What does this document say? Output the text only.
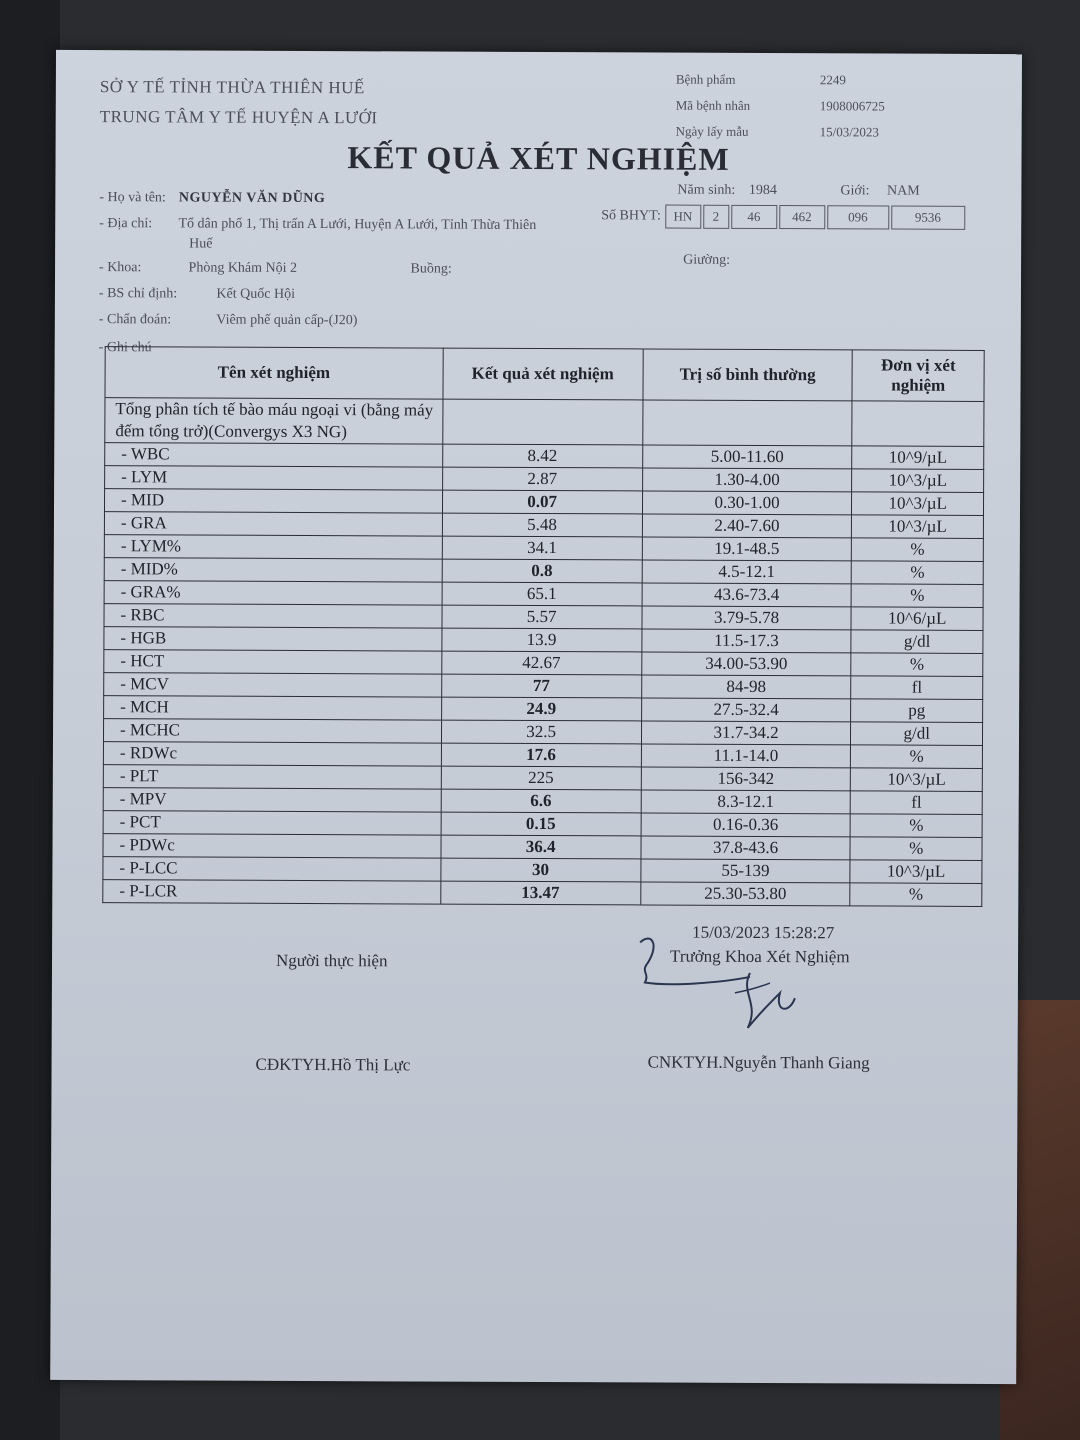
SỞ Y TẾ TỈNH THỪA THIÊN HUẾ
TRUNG TÂM Y TẾ HUYỆN A LƯỚI
Bệnh phẩm	2249
Mã bệnh nhân	1908006725
Ngày lấy mẫu	15/03/2023
KẾT QUẢ XÉT NGHIỆM
- Họ và tên: NGUYỄN VĂN DŨNG
Năm sinh: 1984	Giới: NAM
- Địa chỉ: Tổ dân phố 1, Thị trấn A Lưới, Huyện A Lưới, Tỉnh Thừa Thiên
Huế
Số BHYT: HN	2	46	462	096	9536
- Khoa:	Phòng Khám Nội 2	Buồng:
Giường:
- BS chỉ định:	Kết Quốc Hội
- Chẩn đoán:	Viêm phế quản cấp-(J20)
- Ghi chú
Tên xét nghiệm	Kết quả xét nghiệm	Trị số bình thường	Đơn vị xét nghiệm
Tổng phân tích tế bào máu ngoại vi (bằng máy đếm tổng trở)(Convergys X3 NG)			
- WBC	8.42	5.00-11.60	10^9/µL
- LYM	2.87	1.30-4.00	10^3/µL
- MID	0.07	0.30-1.00	10^3/µL
- GRA	5.48	2.40-7.60	10^3/µL
- LYM%	34.1	19.1-48.5	%
- MID%	0.8	4.5-12.1	%
- GRA%	65.1	43.6-73.4	%
- RBC	5.57	3.79-5.78	10^6/µL
- HGB	13.9	11.5-17.3	g/dl
- HCT	42.67	34.00-53.90	%
- MCV	77	84-98	fl
- MCH	24.9	27.5-32.4	pg
- MCHC	32.5	31.7-34.2	g/dl
- RDWc	17.6	11.1-14.0	%
- PLT	225	156-342	10^3/µL
- MPV	6.6	8.3-12.1	fl
- PCT	0.15	0.16-0.36	%
- PDWc	36.4	37.8-43.6	%
- P-LCC	30	55-139	10^3/µL
- P-LCR	13.47	25.30-53.80	%
15/03/2023 15:28:27
Người thực hiện	Trưởng Khoa Xét Nghiệm
CĐKTYH.Hồ Thị Lực	CNKTYH.Nguyễn Thanh Giang
